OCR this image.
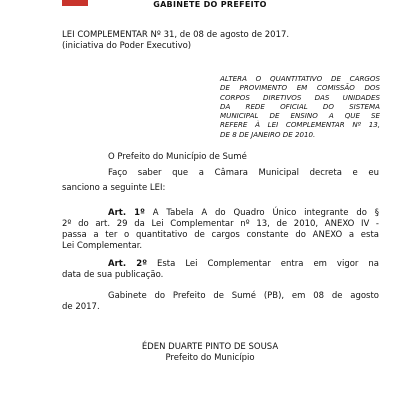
GABINETE DO PREFEITO

LEI COMPLEMENTAR Nº 31, de 08 de agosto de 2017.

(iniciativa do Poder Executivo)

ALTERA O QUANTITATIVO DE CARGOS
DE PROVIMENTO EM COMISSÃO DOS
CORPOS DIRETIVOS DAS UNIDADES
DA REDE OFICIAL DO SISTEMA
MUNICIPAL DE ENSINO A QUE SE
REFERE À LEI COMPLEMENTAR Nº 13,
DE 8 DE JANEIRO DE 2010.

O Prefeito do Município de Sumé

Faço saber que a Câmara Municipal decreta e eu

sanciono a seguinte LEI:

Art. 1º A Tabela A do Quadro Único integrante do §

2º do art. 29 da Lei Complementar nº 13, de 2010, ANEXO IV -

passa a ter o quantitativo de cargos constante do ANEXO a esta

Lei Complementar.

Art. 2º Esta Lei Complementar entra em vigor na

data de sua publicação.

Gabinete do Prefeito de Sumé (PB), em 08 de agosto

de 2017.

ÉDEN DUARTE PINTO DE SOUSA
Prefeito do Município
